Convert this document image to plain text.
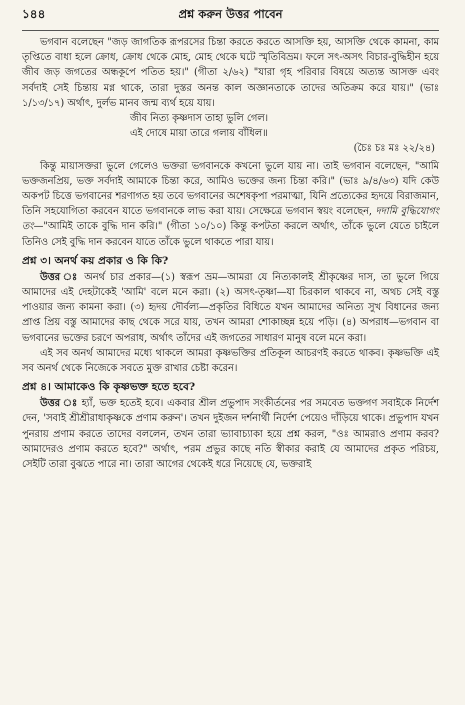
১৪৪	প্রশ্ন করুন উত্তর পাবেন

ভগবান বলেছেন "জড় জাগতিক রূপরসের চিন্তা করতে করতে আসক্তি হয়, আসক্তি থেকে কামনা, কাম তৃপ্তিতে বাধা হলে ক্রোধ, ক্রোধ থেকে মোহ, মোহ থেকে ঘটে স্মৃতিবিভ্রম। ফলে সৎ-অসৎ বিচার-বুদ্ধিহীন হয়ে জীব জড় জগতের অন্ধকূপে পতিত হয়।" (গীতা ২/৬২) "যারা গৃহ পরিবার বিষয়ে অত্যন্ত আসক্ত এবং সর্বদাই সেই চিন্তায় মগ্ন থাকে, তারা দুস্তর অনন্ত কাল অজ্ঞানতাকে তাদের অতিক্রম করে যায়।" (ভাঃ ১/১৩/১৭) অর্থাৎ, দুর্লভ মানব জন্ম ব্যর্থ হয়ে যায়।

জীব নিত্য কৃষ্ণদাস তাহা ভুলি গেল।

এই দোষে মায়া তারে গলায় বাঁধিল॥

(চৈঃ চঃ মঃ ২২/২৪)

কিন্তু মায়াসক্তরা ভুলে গেলেও ভক্তরা ভগবানকে কখনো ভুলে যায় না। তাই ভগবান বলেছেন, "আমি ভক্তজনপ্রিয়, ভক্ত সর্বদাই আমাকে চিন্তা করে, আমিও ভক্তের জন্য চিন্তা করি।" (ভাঃ ৯/৪/৬৩) যদি কেউ অকপট চিত্তে ভগবানের শরণাগত হয় তবে ভগবানের অশেষকৃপা পরমাত্মা, যিনি প্রত্যেকের হৃদয়ে বিরাজমান, তিনি সহযোগিতা করবেন যাতে ভগবানকে লাভ করা যায়। সেক্ষেত্রে ভগবান স্বয়ং বলেছেন, দদামি বুদ্ধিযোগং তং—"আমিই তাকে বুদ্ধি দান করি।" (গীতা ১০/১০) কিন্তু কপটতা করলে অর্থাৎ, তাঁকে ভুলে যেতে চাইলে তিনিও সেই বুদ্ধি দান করবেন যাতে তাঁকে ভুলে থাকতে পারা যায়।

প্রশ্ন ৩। অনর্থ কয় প্রকার ও কি কি?

উত্তর ঃ অনর্থ চার প্রকার—(১) স্বরূপ ভ্রম—আমরা যে নিত্যকালই শ্রীকৃষ্ণের দাস, তা ভুলে গিয়ে আমাদের এই দেহটাকেই 'আমি' বলে মনে করা। (২) অসৎ-তৃষ্ণা—যা চিরকাল থাকবে না, অথচ সেই বস্তু পাওয়ার জন্য কামনা করা। (৩) হৃদয় দৌর্বল্য—প্রকৃতির বিধিতে যখন আমাদের অনিত্য সুখ বিধানের জন্য প্রাপ্ত প্রিয় বস্তু আমাদের কাছ থেকে সরে যায়, তখন আমরা শোকাচ্ছন্ন হয়ে পড়ি। (৪) অপরাধ—ভগবান বা ভগবানের ভক্তের চরণে অপরাধ, অর্থাৎ তাঁদের এই জগতের সাধারণ মানুষ বলে মনে করা।

এই সব অনর্থ আমাদের মধ্যে থাকলে আমরা কৃষ্ণভক্তির প্রতিকূল আচরণই করতে থাকব। কৃষ্ণভক্তি এই সব অনর্থ থেকে নিজেকে সবতে মুক্ত রাখার চেষ্টা করেন।

প্রশ্ন ৪। আমাকেও কি কৃষ্ণভক্ত হতে হবে?

উত্তর ঃ হ্যাঁ, ভক্ত হতেই হবে। একবার শ্রীল প্রভুপাদ সংকীর্তনের পর সমবেত ভক্তগণ সবাইকে নির্দেশ দেন, 'সবাই শ্রীশ্রীরাধাকৃষ্ণকে প্রণাম করুন'। তখন দুইজন দর্শনার্থী নির্দেশ পেয়েও দাঁড়িয়ে থাকে। প্রভুপাদ যখন পুনরায় প্রণাম করতে তাদের বললেন, তখন তারা ভ্যাবাচ্যাকা হয়ে প্রশ্ন করল, "ওঃ আমরাও প্রণাম করব? আমাদেরও প্রণাম করতে হবে?" অর্থাৎ, পরম প্রভুর কাছে নতি স্বীকার করাই যে আমাদের প্রকৃত পরিচয়, সেইটি তারা বুঝতে পারে না। তারা আগের থেকেই ধরে নিয়েছে যে, ভক্তরাই
